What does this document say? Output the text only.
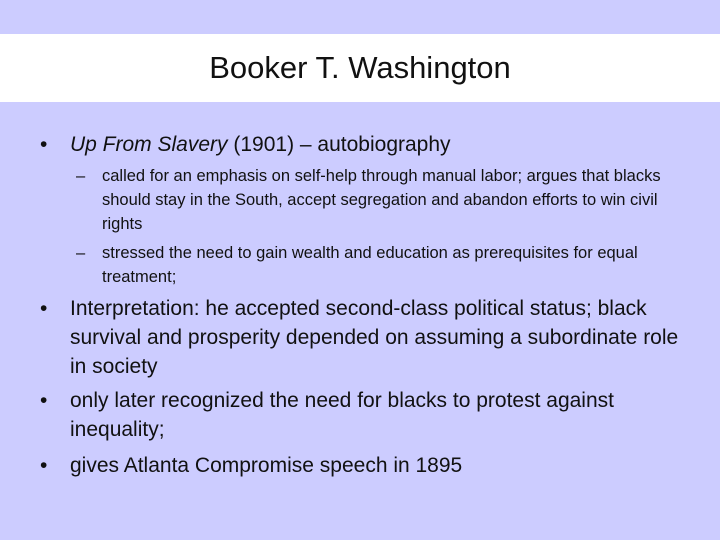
Booker T. Washington
•	Up From Slavery (1901) – autobiography
– called for an emphasis on self-help through manual labor; argues that blacks should stay in the South, accept segregation and abandon efforts to win civil rights
– stressed the need to gain wealth and education as prerequisites for equal treatment;
•	Interpretation: he accepted second-class political status; black survival and prosperity depended on assuming a subordinate role in society
•	only later recognized the need for blacks to protest against inequality;
•	gives Atlanta Compromise speech in 1895
